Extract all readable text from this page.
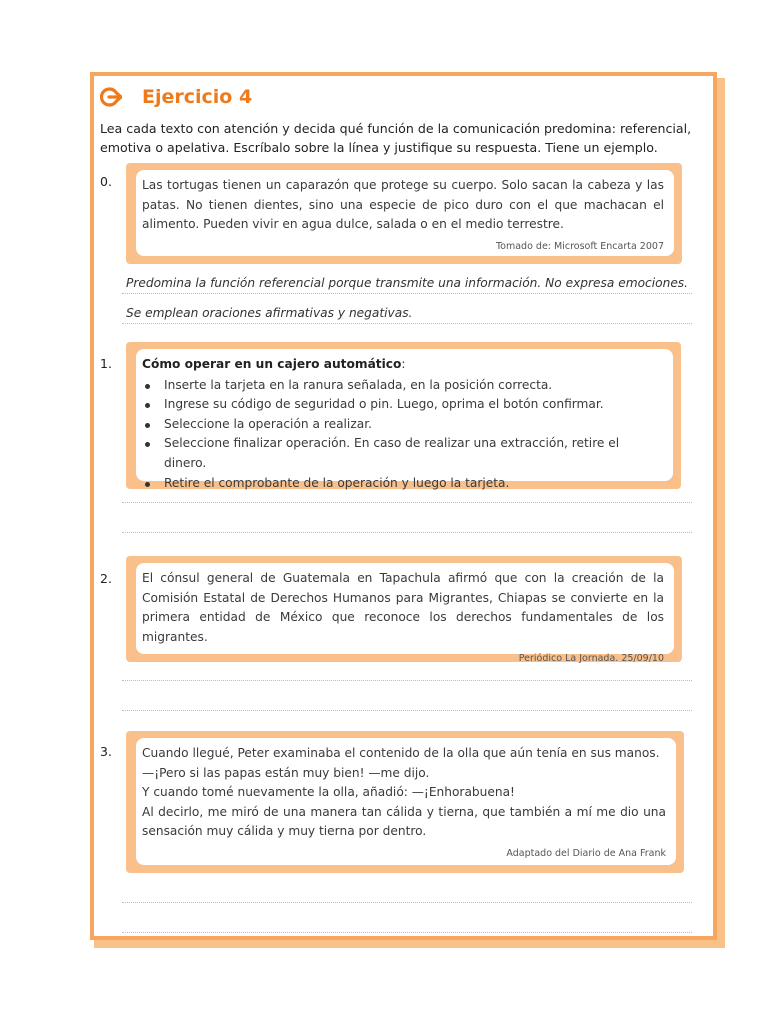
Ejercicio 4
Lea cada texto con atención y decida qué función de la comunicación predomina: referencial, emotiva o apelativa. Escríbalo sobre la línea y justifique su respuesta. Tiene un ejemplo.
0. Las tortugas tienen un caparazón que protege su cuerpo. Solo sacan la cabeza y las patas. No tienen dientes, sino una especie de pico duro con el que machacan el alimento. Pueden vivir en agua dulce, salada o en el medio terrestre.
Tomado de: Microsoft Encarta 2007
Predomina la función referencial porque transmite una información. No expresa emociones.
Se emplean oraciones afirmativas y negativas.
1. Cómo operar en un cajero automático:
Inserte la tarjeta en la ranura señalada, en la posición correcta.
Ingrese su código de seguridad o pin. Luego, oprima el botón confirmar.
Seleccione la operación a realizar.
Seleccione finalizar operación. En caso de realizar una extracción, retire el dinero.
Retire el comprobante de la operación y luego la tarjeta.
2. El cónsul general de Guatemala en Tapachula afirmó que con la creación de la Comisión Estatal de Derechos Humanos para Migrantes, Chiapas se convierte en la primera entidad de México que reconoce los derechos fundamentales de los migrantes.
Periódico La Jornada. 25/09/10
3. Cuando llegué, Peter examinaba el contenido de la olla que aún tenía en sus manos.
—¡Pero si las papas están muy bien! —me dijo.
Y cuando tomé nuevamente la olla, añadió: —¡Enhorabuena!
Al decirlo, me miró de una manera tan cálida y tierna, que también a mí me dio una sensación muy cálida y muy tierna por dentro.
Adaptado del Diario de Ana Frank
